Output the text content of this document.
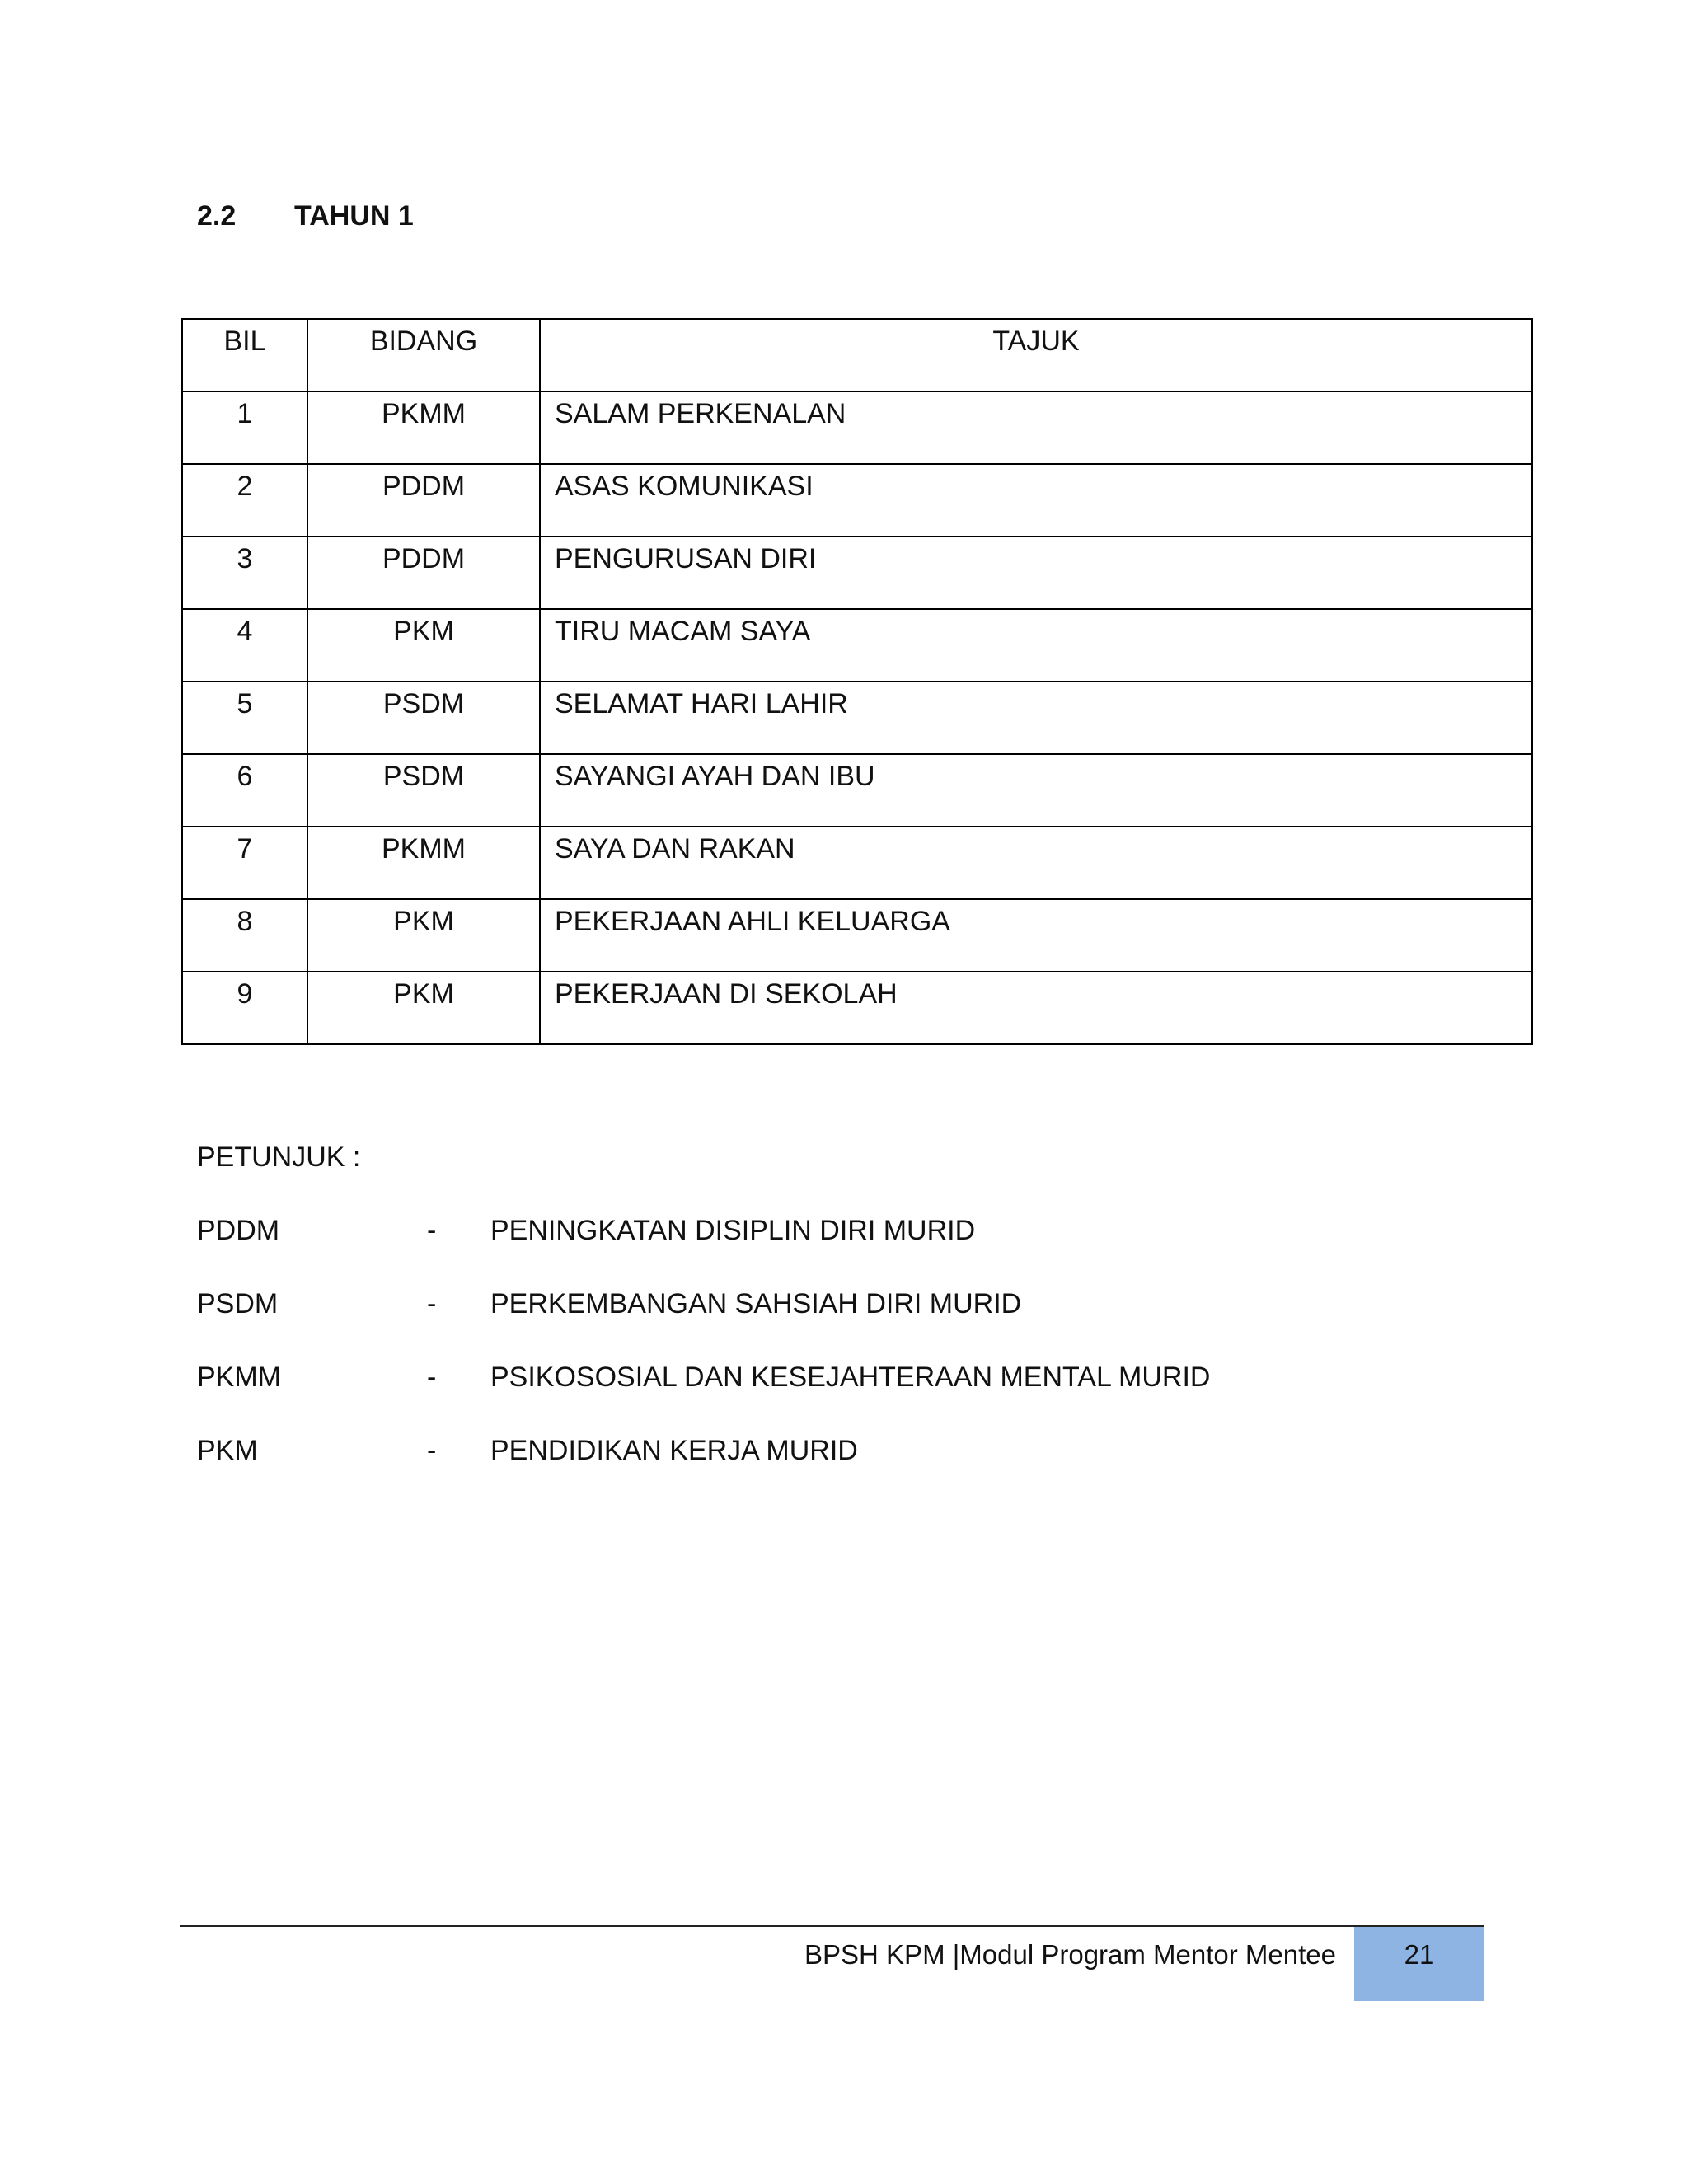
2.2 TAHUN 1
BIL	BIDANG	TAJUK

1	PKMM	SALAM PERKENALAN

2	PDDM	ASAS KOMUNIKASI

3	PDDM	PENGURUSAN DIRI

4	PKM	TIRU MACAM SAYA

5	PSDM	SELAMAT HARI LAHIR

6	PSDM	SAYANGI AYAH DAN IBU

7	PKMM	SAYA DAN RAKAN

8	PKM	PEKERJAAN AHLI KELUARGA

9	PKM	PEKERJAAN DI SEKOLAH
PETUNJUK :
PDDM	- PENINGKATAN DISIPLIN DIRI MURID
PSDM	- PERKEMBANGAN SAHSIAH DIRI MURID
PKMM	- PSIKOSOSIAL DAN KESEJAHTERAAN MENTAL MURID
PKM	- PENDIDIKAN KERJA MURID
BPSH KPM |Modul Program Mentor Mentee	21
